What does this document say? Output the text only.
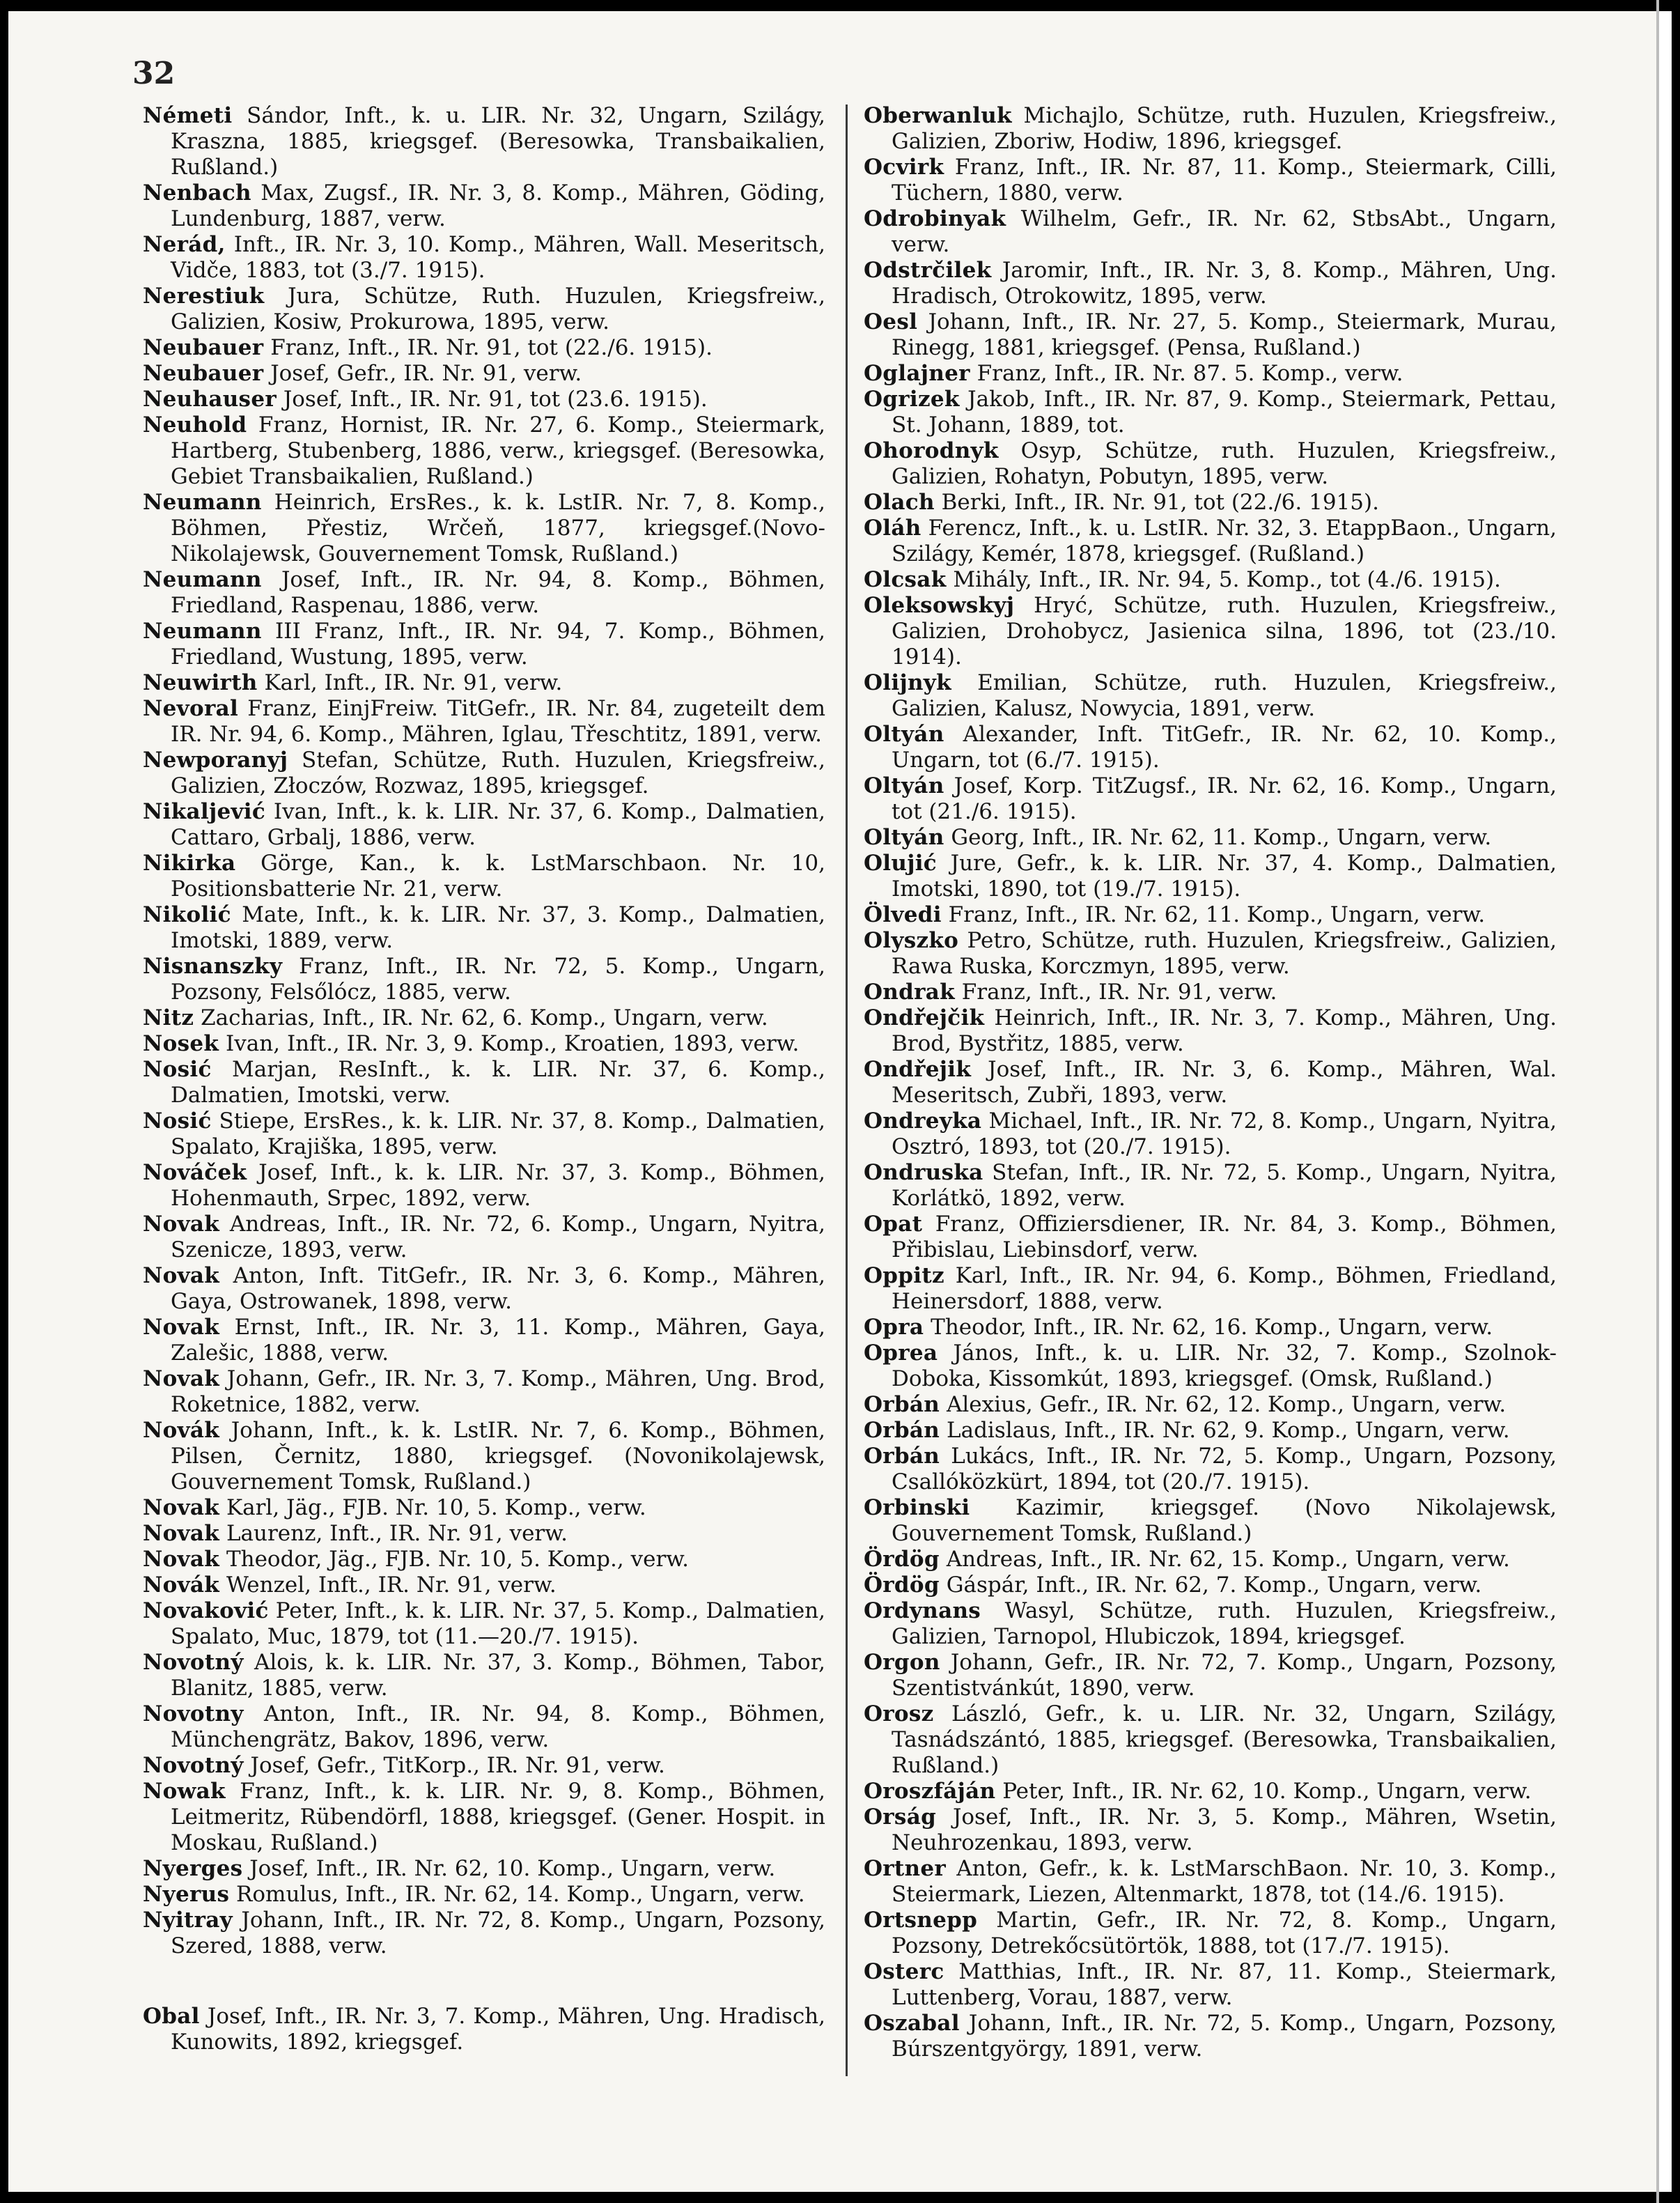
32

Németi Sándor, Inft., k. u. LIR. Nr. 32, Ungarn, Szilágy, Kraszna, 1885, kriegsgef. (Beresowka, Transbaikalien, Rußland.)

Nenbach Max, Zugsf., IR. Nr. 3, 8. Komp., Mähren, Göding, Lundenburg, 1887, verw.

Nerád, Inft., IR. Nr. 3, 10. Komp., Mähren, Wall. Meseritsch, Vidče, 1883, tot (3./7. 1915).

Nerestiuk Jura, Schütze, Ruth. Huzulen, Kriegsfreiw., Galizien, Kosiw, Prokurowa, 1895, verw.

Neubauer Franz, Inft., IR. Nr. 91, tot (22./6. 1915).

Neubauer Josef, Gefr., IR. Nr. 91, verw.

Neuhauser Josef, Inft., IR. Nr. 91, tot (23.6. 1915).

Neuhold Franz, Hornist, IR. Nr. 27, 6. Komp., Steiermark, Hartberg, Stubenberg, 1886, verw., kriegsgef. (Beresowka, Gebiet Transbaikalien, Rußland.)

Neumann Heinrich, ErsRes., k. k. LstIR. Nr. 7, 8. Komp., Böhmen, Přestiz, Wrčeň, 1877, kriegsgef.(Novo-Nikolajewsk, Gouvernement Tomsk, Rußland.)

Neumann Josef, Inft., IR. Nr. 94, 8. Komp., Böhmen, Friedland, Raspenau, 1886, verw.

Neumann III Franz, Inft., IR. Nr. 94, 7. Komp., Böhmen, Friedland, Wustung, 1895, verw.

Neuwirth Karl, Inft., IR. Nr. 91, verw.

Nevoral Franz, EinjFreiw. TitGefr., IR. Nr. 84, zugeteilt dem IR. Nr. 94, 6. Komp., Mähren, Iglau, Třeschtitz, 1891, verw.

Newporanyj Stefan, Schütze, Ruth. Huzulen, Kriegsfreiw., Galizien, Złoczów, Rozwaz, 1895, kriegsgef.

Nikaljević Ivan, Inft., k. k. LIR. Nr. 37, 6. Komp., Dalmatien, Cattaro, Grbalj, 1886, verw.

Nikirka Görge, Kan., k. k. LstMarschbaon. Nr. 10, Positionsbatterie Nr. 21, verw.

Nikolić Mate, Inft., k. k. LIR. Nr. 37, 3. Komp., Dalmatien, Imotski, 1889, verw.

Nisnanszky Franz, Inft., IR. Nr. 72, 5. Komp., Ungarn, Pozsony, Felsőlócz, 1885, verw.

Nitz Zacharias, Inft., IR. Nr. 62, 6. Komp., Ungarn, verw.

Nosek Ivan, Inft., IR. Nr. 3, 9. Komp., Kroatien, 1893, verw.

Nosić Marjan, ResInft., k. k. LIR. Nr. 37, 6. Komp., Dalmatien, Imotski, verw.

Nosić Stiepe, ErsRes., k. k. LIR. Nr. 37, 8. Komp., Dalmatien, Spalato, Krajiška, 1895, verw.

Nováček Josef, Inft., k. k. LIR. Nr. 37, 3. Komp., Böhmen, Hohenmauth, Srpec, 1892, verw.

Novak Andreas, Inft., IR. Nr. 72, 6. Komp., Ungarn, Nyitra, Szenicze, 1893, verw.

Novak Anton, Inft. TitGefr., IR. Nr. 3, 6. Komp., Mähren, Gaya, Ostrowanek, 1898, verw.

Novak Ernst, Inft., IR. Nr. 3, 11. Komp., Mähren, Gaya, Zalešic, 1888, verw.

Novak Johann, Gefr., IR. Nr. 3, 7. Komp., Mähren, Ung. Brod, Roketnice, 1882, verw.

Novák Johann, Inft., k. k. LstIR. Nr. 7, 6. Komp., Böhmen, Pilsen, Černitz, 1880, kriegsgef. (Novonikolajewsk, Gouvernement Tomsk, Rußland.)

Novak Karl, Jäg., FJB. Nr. 10, 5. Komp., verw.

Novak Laurenz, Inft., IR. Nr. 91, verw.

Novak Theodor, Jäg., FJB. Nr. 10, 5. Komp., verw.

Novák Wenzel, Inft., IR. Nr. 91, verw.

Novaković Peter, Inft., k. k. LIR. Nr. 37, 5. Komp., Dalmatien, Spalato, Muc, 1879, tot (11.—20./7. 1915).

Novotný Alois, k. k. LIR. Nr. 37, 3. Komp., Böhmen, Tabor, Blanitz, 1885, verw.

Novotny Anton, Inft., IR. Nr. 94, 8. Komp., Böhmen, Münchengrätz, Bakov, 1896, verw.

Novotný Josef, Gefr., TitKorp., IR. Nr. 91, verw.

Nowak Franz, Inft., k. k. LIR. Nr. 9, 8. Komp., Böhmen, Leitmeritz, Rübendörfl, 1888, kriegsgef. (Gener. Hospit. in Moskau, Rußland.)

Nyerges Josef, Inft., IR. Nr. 62, 10. Komp., Ungarn, verw.

Nyerus Romulus, Inft., IR. Nr. 62, 14. Komp., Ungarn, verw.

Nyitray Johann, Inft., IR. Nr. 72, 8. Komp., Ungarn, Pozsony, Szered, 1888, verw.

Obal Josef, Inft., IR. Nr. 3, 7. Komp., Mähren, Ung. Hradisch, Kunowits, 1892, kriegsgef.

Oberwanluk Michajlo, Schütze, ruth. Huzulen, Kriegsfreiw., Galizien, Zboriw, Hodiw, 1896, kriegsgef.

Ocvirk Franz, Inft., IR. Nr. 87, 11. Komp., Steiermark, Cilli, Tüchern, 1880, verw.

Odrobinyak Wilhelm, Gefr., IR. Nr. 62, StbsAbt., Ungarn, verw.

Odstrčilek Jaromir, Inft., IR. Nr. 3, 8. Komp., Mähren, Ung. Hradisch, Otrokowitz, 1895, verw.

Oesl Johann, Inft., IR. Nr. 27, 5. Komp., Steiermark, Murau, Rinegg, 1881, kriegsgef. (Pensa, Rußland.)

Oglajner Franz, Inft., IR. Nr. 87. 5. Komp., verw.

Ogrizek Jakob, Inft., IR. Nr. 87, 9. Komp., Steiermark, Pettau, St. Johann, 1889, tot.

Ohorodnyk Osyp, Schütze, ruth. Huzulen, Kriegsfreiw., Galizien, Rohatyn, Pobutyn, 1895, verw.

Olach Berki, Inft., IR. Nr. 91, tot (22./6. 1915).

Oláh Ferencz, Inft., k. u. LstIR. Nr. 32, 3. EtappBaon., Ungarn, Szilágy, Kemér, 1878, kriegsgef. (Rußland.)

Olcsak Mihály, Inft., IR. Nr. 94, 5. Komp., tot (4./6. 1915).

Oleksowskyj Hryć, Schütze, ruth. Huzulen, Kriegsfreiw., Galizien, Drohobycz, Jasienica silna, 1896, tot (23./10. 1914).

Olijnyk Emilian, Schütze, ruth. Huzulen, Kriegsfreiw., Galizien, Kalusz, Nowycia, 1891, verw.

Oltyán Alexander, Inft. TitGefr., IR. Nr. 62, 10. Komp., Ungarn, tot (6./7. 1915).

Oltyán Josef, Korp. TitZugsf., IR. Nr. 62, 16. Komp., Ungarn, tot (21./6. 1915).

Oltyán Georg, Inft., IR. Nr. 62, 11. Komp., Ungarn, verw.

Olujić Jure, Gefr., k. k. LIR. Nr. 37, 4. Komp., Dalmatien, Imotski, 1890, tot (19./7. 1915).

Ölvedi Franz, Inft., IR. Nr. 62, 11. Komp., Ungarn, verw.

Olyszko Petro, Schütze, ruth. Huzulen, Kriegsfreiw., Galizien, Rawa Ruska, Korczmyn, 1895, verw.

Ondrak Franz, Inft., IR. Nr. 91, verw.

Ondřejčik Heinrich, Inft., IR. Nr. 3, 7. Komp., Mähren, Ung. Brod, Bystřitz, 1885, verw.

Ondřejik Josef, Inft., IR. Nr. 3, 6. Komp., Mähren, Wal. Meseritsch, Zubři, 1893, verw.

Ondreyka Michael, Inft., IR. Nr. 72, 8. Komp., Ungarn, Nyitra, Osztró, 1893, tot (20./7. 1915).

Ondruska Stefan, Inft., IR. Nr. 72, 5. Komp., Ungarn, Nyitra, Korlátkö, 1892, verw.

Opat Franz, Offiziersdiener, IR. Nr. 84, 3. Komp., Böhmen, Přibislau, Liebinsdorf, verw.

Oppitz Karl, Inft., IR. Nr. 94, 6. Komp., Böhmen, Friedland, Heinersdorf, 1888, verw.

Opra Theodor, Inft., IR. Nr. 62, 16. Komp., Ungarn, verw.

Oprea János, Inft., k. u. LIR. Nr. 32, 7. Komp., Szolnok-Doboka, Kissomkút, 1893, kriegsgef. (Omsk, Rußland.)

Orbán Alexius, Gefr., IR. Nr. 62, 12. Komp., Ungarn, verw.

Orbán Ladislaus, Inft., IR. Nr. 62, 9. Komp., Ungarn, verw.

Orbán Lukács, Inft., IR. Nr. 72, 5. Komp., Ungarn, Pozsony, Csallóközkürt, 1894, tot (20./7. 1915).

Orbinski Kazimir, kriegsgef. (Novo Nikolajewsk, Gouvernement Tomsk, Rußland.)

Ördög Andreas, Inft., IR. Nr. 62, 15. Komp., Ungarn, verw.

Ördög Gáspár, Inft., IR. Nr. 62, 7. Komp., Ungarn, verw.

Ordynans Wasyl, Schütze, ruth. Huzulen, Kriegsfreiw., Galizien, Tarnopol, Hlubiczok, 1894, kriegsgef.

Orgon Johann, Gefr., IR. Nr. 72, 7. Komp., Ungarn, Pozsony, Szentistvánkút, 1890, verw.

Orosz László, Gefr., k. u. LIR. Nr. 32, Ungarn, Szilágy, Tasnádszántó, 1885, kriegsgef. (Beresowka, Transbaikalien, Rußland.)

Oroszfáján Peter, Inft., IR. Nr. 62, 10. Komp., Ungarn, verw.

Orság Josef, Inft., IR. Nr. 3, 5. Komp., Mähren, Wsetin, Neuhrozenkau, 1893, verw.

Ortner Anton, Gefr., k. k. LstMarschBaon. Nr. 10, 3. Komp., Steiermark, Liezen, Altenmarkt, 1878, tot (14./6. 1915).

Ortsnepp Martin, Gefr., IR. Nr. 72, 8. Komp., Ungarn, Pozsony, Detrekőcsütörtök, 1888, tot (17./7. 1915).

Osterc Matthias, Inft., IR. Nr. 87, 11. Komp., Steiermark, Luttenberg, Vorau, 1887, verw.

Oszabal Johann, Inft., IR. Nr. 72, 5. Komp., Ungarn, Pozsony, Búrszentgyörgy, 1891, verw.
